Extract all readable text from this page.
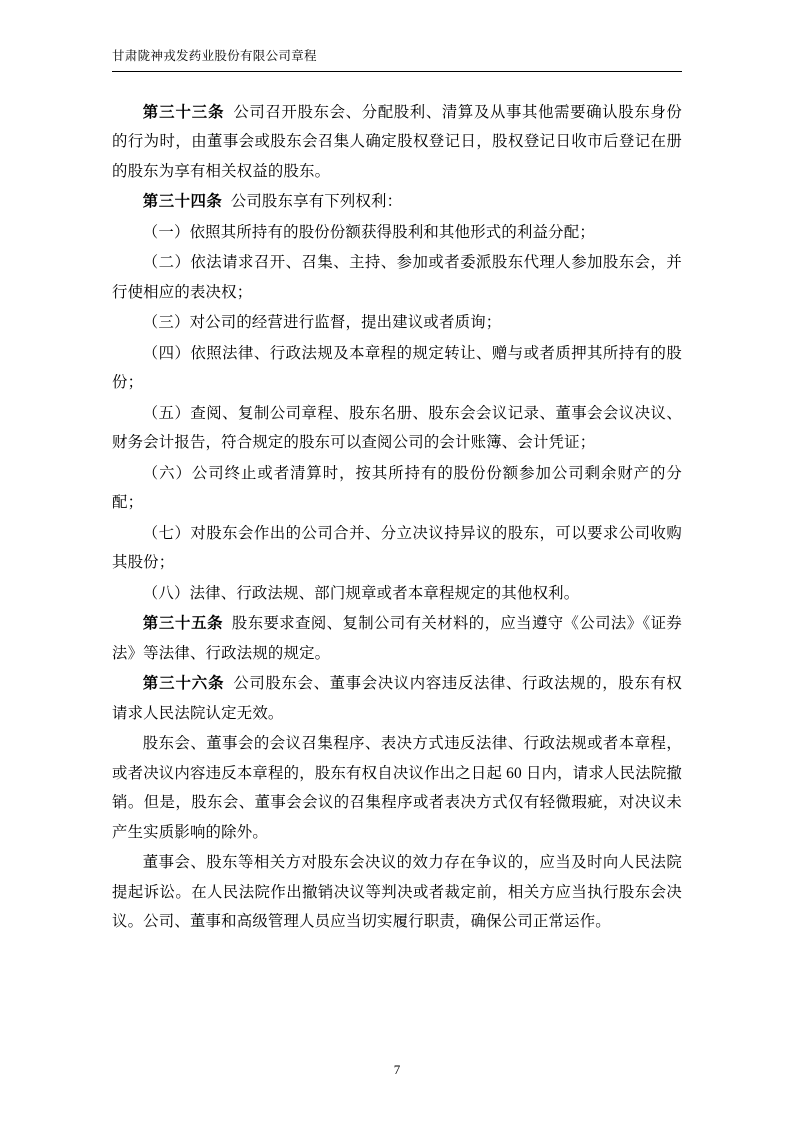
甘肃陇神戎发药业股份有限公司章程

第三十三条 公司召开股东会、分配股利、清算及从事其他需要确认股东身份的行为时，由董事会或股东会召集人确定股权登记日，股权登记日收市后登记在册的股东为享有相关权益的股东。

第三十四条 公司股东享有下列权利：

（一）依照其所持有的股份份额获得股利和其他形式的利益分配；

（二）依法请求召开、召集、主持、参加或者委派股东代理人参加股东会，并行使相应的表决权；

（三）对公司的经营进行监督，提出建议或者质询；

（四）依照法律、行政法规及本章程的规定转让、赠与或者质押其所持有的股份；

（五）查阅、复制公司章程、股东名册、股东会会议记录、董事会会议决议、财务会计报告，符合规定的股东可以查阅公司的会计账簿、会计凭证；

（六）公司终止或者清算时，按其所持有的股份份额参加公司剩余财产的分配；

（七）对股东会作出的公司合并、分立决议持异议的股东，可以要求公司收购其股份；

（八）法律、行政法规、部门规章或者本章程规定的其他权利。

第三十五条 股东要求查阅、复制公司有关材料的，应当遵守《公司法》《证券法》等法律、行政法规的规定。

第三十六条 公司股东会、董事会决议内容违反法律、行政法规的，股东有权请求人民法院认定无效。

股东会、董事会的会议召集程序、表决方式违反法律、行政法规或者本章程，或者决议内容违反本章程的，股东有权自决议作出之日起 60 日内，请求人民法院撤销。但是，股东会、董事会会议的召集程序或者表决方式仅有轻微瑕疵，对决议未产生实质影响的除外。

董事会、股东等相关方对股东会决议的效力存在争议的，应当及时向人民法院提起诉讼。在人民法院作出撤销决议等判决或者裁定前，相关方应当执行股东会决议。公司、董事和高级管理人员应当切实履行职责，确保公司正常运作。

7
